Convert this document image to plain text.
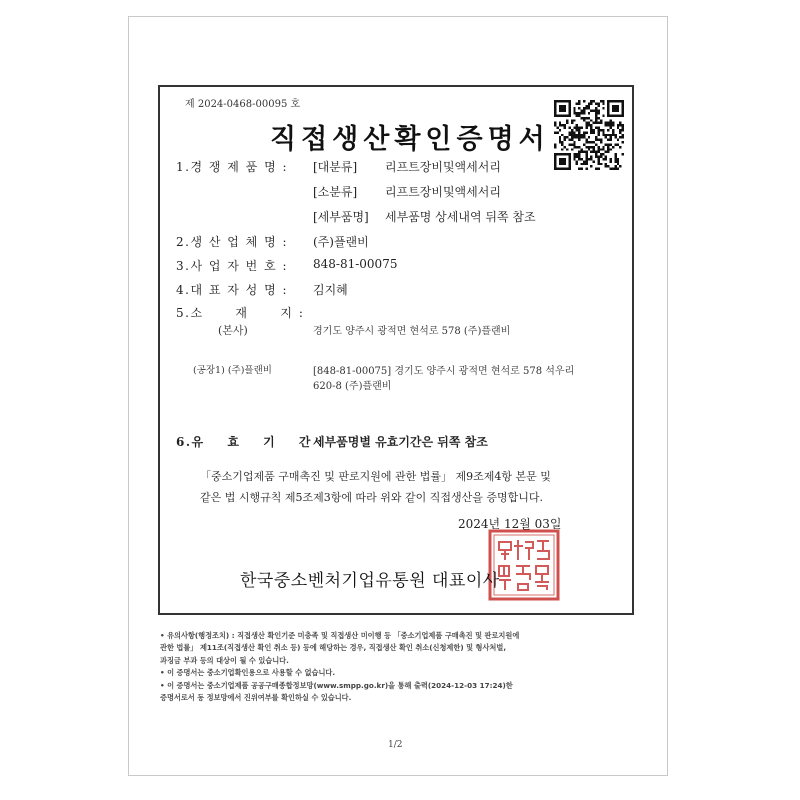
제 2024-0468-00095 호
직접생산확인증명서
1.경 쟁 제 품 명 : [대분류] 리프트장비및액세서리
[소분류] 리프트장비및액세서리
[세부품명] 세부품명 상세내역 뒤쪽 참조
2.생 산 업 체 명 : (주)플랜비
3.사 업 자 번 호 : 848-81-00075
4.대 표 자 성 명 : 김지혜
5.소      재      지 :
(본사)	경기도 양주시 광적면 현석로 578 (주)플랜비
(공장1) (주)플랜비	[848-81-00075] 경기도 양주시 광적면 현석로 578 석우리
620-8 (주)플랜비
6.유    효    기    간 :
세부품명별 유효기간은 뒤쪽 참조
「중소기업제품 구매촉진 및 판로지원에 관한 법률」 제9조제4항 본문 및
같은 법 시행규칙 제5조제3항에 따라 위와 같이 직접생산을 증명합니다.
2024년 12월 03일
한국중소벤처기업유통원 대표이사

• 유의사항(행정조치) : 직접생산 확인기준 미충족 및 직접생산 미이행 등 「중소기업제품 구매촉진 및 판로지원에

관한 법률」 제11조(직접생산 확인 취소 등) 등에 해당하는 경우, 직접생산 확인 취소(신청제한) 및 형사처벌,

과징금 부과 등의 대상이 될 수 있습니다.

• 이 증명서는 중소기업확인용으로 사용할 수 없습니다.

• 이 증명서는 중소기업제품 공공구매종합정보망(www.smpp.go.kr)을 통해 출력(2024-12-03 17:24)한

증명서로서 동 정보망에서 진위여부를 확인하실 수 있습니다.

1/2
